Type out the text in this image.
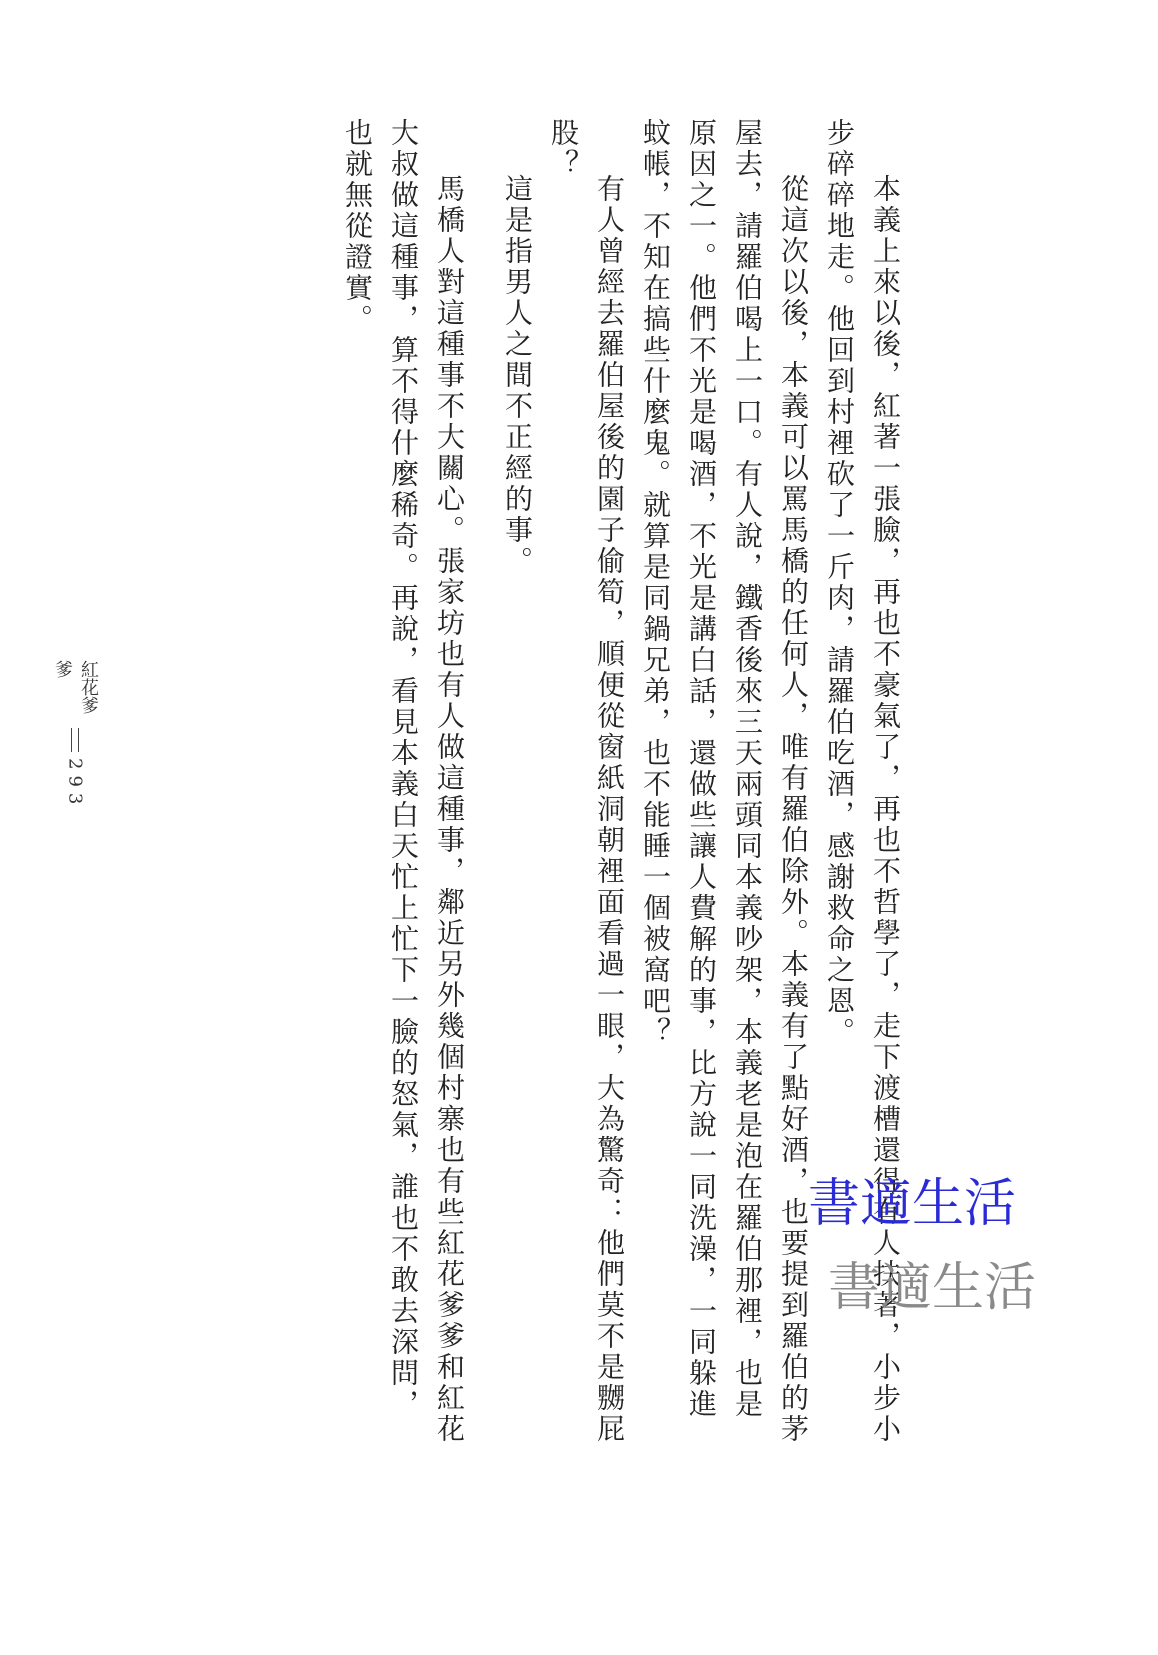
本義上來以後，紅著一張臉，再也不豪氣了，再也不哲學了，走下渡槽還得有人扶著，小步小步碎碎地走。他回到村裡砍了一斤肉，請羅伯吃酒，感謝救命之恩。

從這次以後，本義可以罵馬橋的任何人，唯有羅伯除外。本義有了點好酒，也要提到羅伯的茅屋去，請羅伯喝上一口。有人說，鐵香後來三天兩頭同本義吵架，本義老是泡在羅伯那裡，也是原因之一。他們不光是喝酒，不光是講白話，還做些讓人費解的事，比方說一同洗澡，一同躲進蚊帳，不知在搞些什麼鬼。就算是同鍋兄弟，也不能睡一個被窩吧？

有人曾經去羅伯屋後的園子偷筍，順便從窗紙洞朝裡面看過一眼，大為驚奇：他們莫不是嬲屁股？

這是指男人之間不正經的事。

馬橋人對這種事不大關心。張家坊也有人做這種事，鄰近另外幾個村寨也有些紅花爹爹和紅花大叔做這種事，算不得什麼稀奇。再說，看見本義白天忙上忙下一臉的怒氣，誰也不敢去深問，也就無從證實。

紅花爹爹
293
書適生活
書適生活
